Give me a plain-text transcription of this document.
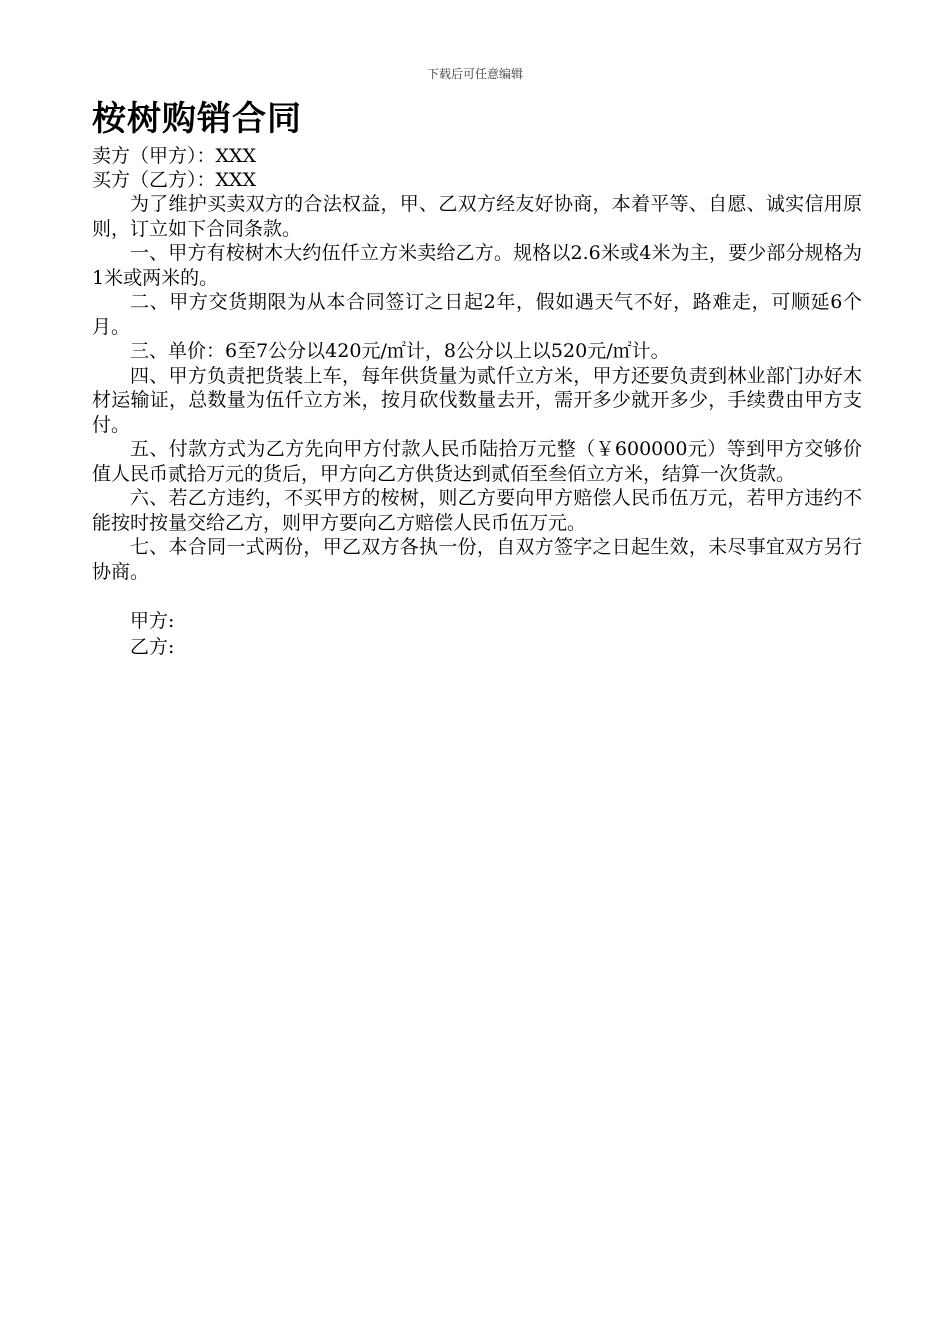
下载后可任意编辑
桉树购销合同

卖方（甲方）：XXX

买方（乙方）：XXX

为了维护买卖双方的合法权益，甲、乙双方经友好协商，本着平等、自愿、诚实信用原则，订立如下合同条款。

一、甲方有桉树木大约伍仟立方米卖给乙方。规格以2.6米或4米为主，要少部分规格为1米或两米的。

二、甲方交货期限为从本合同签订之日起2年，假如遇天气不好，路难走，可顺延6个月。

三、单价：6至7公分以420元/㎡计，8公分以上以520元/㎡计。

四、甲方负责把货装上车，每年供货量为贰仟立方米，甲方还要负责到林业部门办好木材运输证，总数量为伍仟立方米，按月砍伐数量去开，需开多少就开多少，手续费由甲方支付。

五、付款方式为乙方先向甲方付款人民币陆拾万元整（￥600000元）等到甲方交够价值人民币贰拾万元的货后，甲方向乙方供货达到贰佰至叁佰立方米，结算一次货款。

六、若乙方违约，不买甲方的桉树，则乙方要向甲方赔偿人民币伍万元，若甲方违约不能按时按量交给乙方，则甲方要向乙方赔偿人民币伍万元。

七、本合同一式两份，甲乙双方各执一份，自双方签字之日起生效，未尽事宜双方另行协商。

甲方:

乙方:
